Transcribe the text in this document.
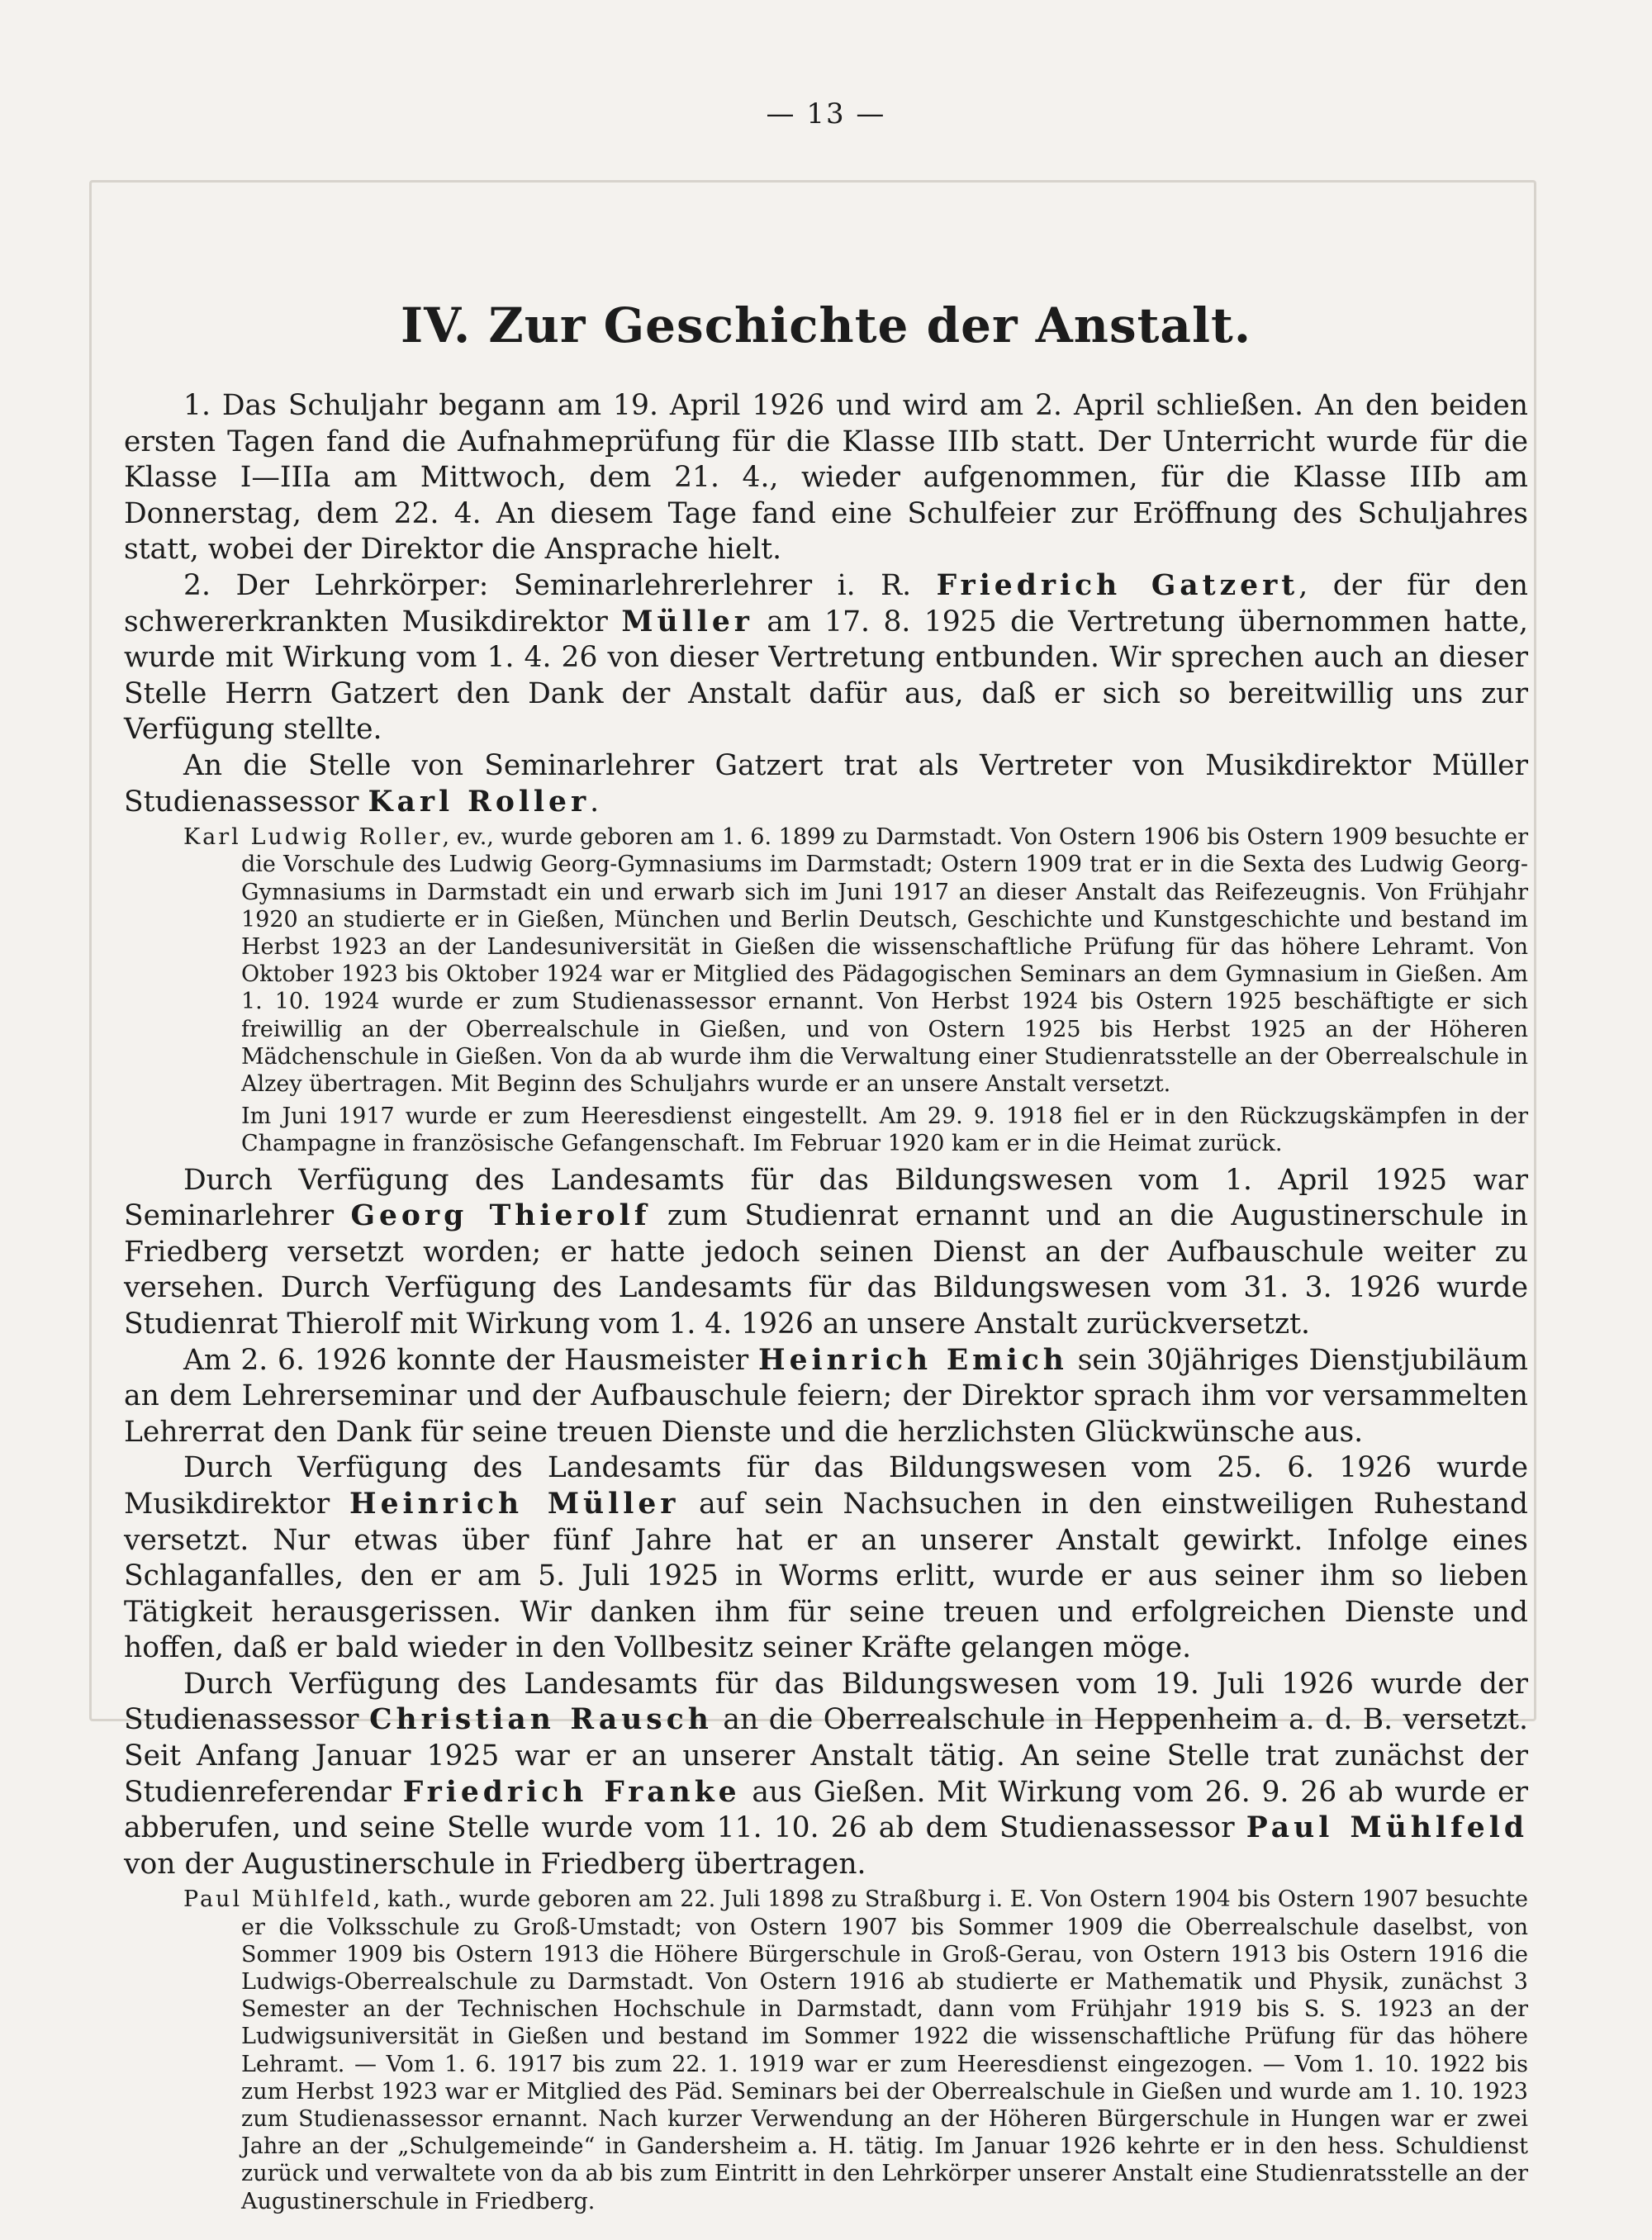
— 13 —
IV. Zur Geschichte der Anstalt.

1. Das Schuljahr begann am 19. April 1926 und wird am 2. April schließen. An den beiden ersten Tagen fand die Aufnahmeprüfung für die Klasse IIIb statt. Der Unterricht wurde für die Klasse I—IIIa am Mittwoch, dem 21. 4., wieder aufgenommen, für die Klasse IIIb am Donnerstag, dem 22. 4. An diesem Tage fand eine Schulfeier zur Eröffnung des Schuljahres statt, wobei der Direktor die Ansprache hielt.

2. Der Lehrkörper: Seminarlehrerlehrer i. R. Friedrich Gatzert, der für den schwererkrankten Musikdirektor Müller am 17. 8. 1925 die Vertretung übernommen hatte, wurde mit Wirkung vom 1. 4. 26 von dieser Vertretung entbunden. Wir sprechen auch an dieser Stelle Herrn Gatzert den Dank der Anstalt dafür aus, daß er sich so bereitwillig uns zur Verfügung stellte.

An die Stelle von Seminarlehrer Gatzert trat als Vertreter von Musikdirektor Müller Studienassessor Karl Roller.

Karl Ludwig Roller, ev., wurde geboren am 1. 6. 1899 zu Darmstadt. Von Ostern 1906 bis Ostern 1909 besuchte er die Vorschule des Ludwig Georg-Gymnasiums im Darmstadt; Ostern 1909 trat er in die Sexta des Ludwig Georg-Gymnasiums in Darmstadt ein und erwarb sich im Juni 1917 an dieser Anstalt das Reifezeugnis. Von Frühjahr 1920 an studierte er in Gießen, München und Berlin Deutsch, Geschichte und Kunstgeschichte und bestand im Herbst 1923 an der Landesuniversität in Gießen die wissenschaftliche Prüfung für das höhere Lehramt. Von Oktober 1923 bis Oktober 1924 war er Mitglied des Pädagogischen Seminars an dem Gymnasium in Gießen. Am 1. 10. 1924 wurde er zum Studienassessor ernannt. Von Herbst 1924 bis Ostern 1925 beschäftigte er sich freiwillig an der Oberrealschule in Gießen, und von Ostern 1925 bis Herbst 1925 an der Höheren Mädchenschule in Gießen. Von da ab wurde ihm die Verwaltung einer Studienratsstelle an der Oberrealschule in Alzey übertragen. Mit Beginn des Schuljahrs wurde er an unsere Anstalt versetzt.

Im Juni 1917 wurde er zum Heeresdienst eingestellt. Am 29. 9. 1918 fiel er in den Rückzugskämpfen in der Champagne in französische Gefangenschaft. Im Februar 1920 kam er in die Heimat zurück.

Durch Verfügung des Landesamts für das Bildungswesen vom 1. April 1925 war Seminarlehrer Georg Thierolf zum Studienrat ernannt und an die Augustinerschule in Friedberg versetzt worden; er hatte jedoch seinen Dienst an der Aufbauschule weiter zu versehen. Durch Verfügung des Landesamts für das Bildungswesen vom 31. 3. 1926 wurde Studienrat Thierolf mit Wirkung vom 1. 4. 1926 an unsere Anstalt zurückversetzt.

Am 2. 6. 1926 konnte der Hausmeister Heinrich Emich sein 30jähriges Dienstjubiläum an dem Lehrerseminar und der Aufbauschule feiern; der Direktor sprach ihm vor versammelten Lehrerrat den Dank für seine treuen Dienste und die herzlichsten Glückwünsche aus.

Durch Verfügung des Landesamts für das Bildungswesen vom 25. 6. 1926 wurde Musikdirektor Heinrich Müller auf sein Nachsuchen in den einstweiligen Ruhestand versetzt. Nur etwas über fünf Jahre hat er an unserer Anstalt gewirkt. Infolge eines Schlaganfalles, den er am 5. Juli 1925 in Worms erlitt, wurde er aus seiner ihm so lieben Tätigkeit herausgerissen. Wir danken ihm für seine treuen und erfolgreichen Dienste und hoffen, daß er bald wieder in den Vollbesitz seiner Kräfte gelangen möge.

Durch Verfügung des Landesamts für das Bildungswesen vom 19. Juli 1926 wurde der Studienassessor Christian Rausch an die Oberrealschule in Heppenheim a. d. B. versetzt. Seit Anfang Januar 1925 war er an unserer Anstalt tätig. An seine Stelle trat zunächst der Studienreferendar Friedrich Franke aus Gießen. Mit Wirkung vom 26. 9. 26 ab wurde er abberufen, und seine Stelle wurde vom 11. 10. 26 ab dem Studienassessor Paul Mühlfeld von der Augustinerschule in Friedberg übertragen.

Paul Mühlfeld, kath., wurde geboren am 22. Juli 1898 zu Straßburg i. E. Von Ostern 1904 bis Ostern 1907 besuchte er die Volksschule zu Groß-Umstadt; von Ostern 1907 bis Sommer 1909 die Oberrealschule daselbst, von Sommer 1909 bis Ostern 1913 die Höhere Bürgerschule in Groß-Gerau, von Ostern 1913 bis Ostern 1916 die Ludwigs-Oberrealschule zu Darmstadt. Von Ostern 1916 ab studierte er Mathematik und Physik, zunächst 3 Semester an der Technischen Hochschule in Darmstadt, dann vom Frühjahr 1919 bis S. S. 1923 an der Ludwigsuniversität in Gießen und bestand im Sommer 1922 die wissenschaftliche Prüfung für das höhere Lehramt. — Vom 1. 6. 1917 bis zum 22. 1. 1919 war er zum Heeresdienst eingezogen. — Vom 1. 10. 1922 bis zum Herbst 1923 war er Mitglied des Päd. Seminars bei der Oberrealschule in Gießen und wurde am 1. 10. 1923 zum Studienassessor ernannt. Nach kurzer Verwendung an der Höheren Bürgerschule in Hungen war er zwei Jahre an der „Schulgemeinde“ in Gandersheim a. H. tätig. Im Januar 1926 kehrte er in den hess. Schuldienst zurück und verwaltete von da ab bis zum Eintritt in den Lehrkörper unserer Anstalt eine Studienratsstelle an der Augustinerschule in Friedberg.
